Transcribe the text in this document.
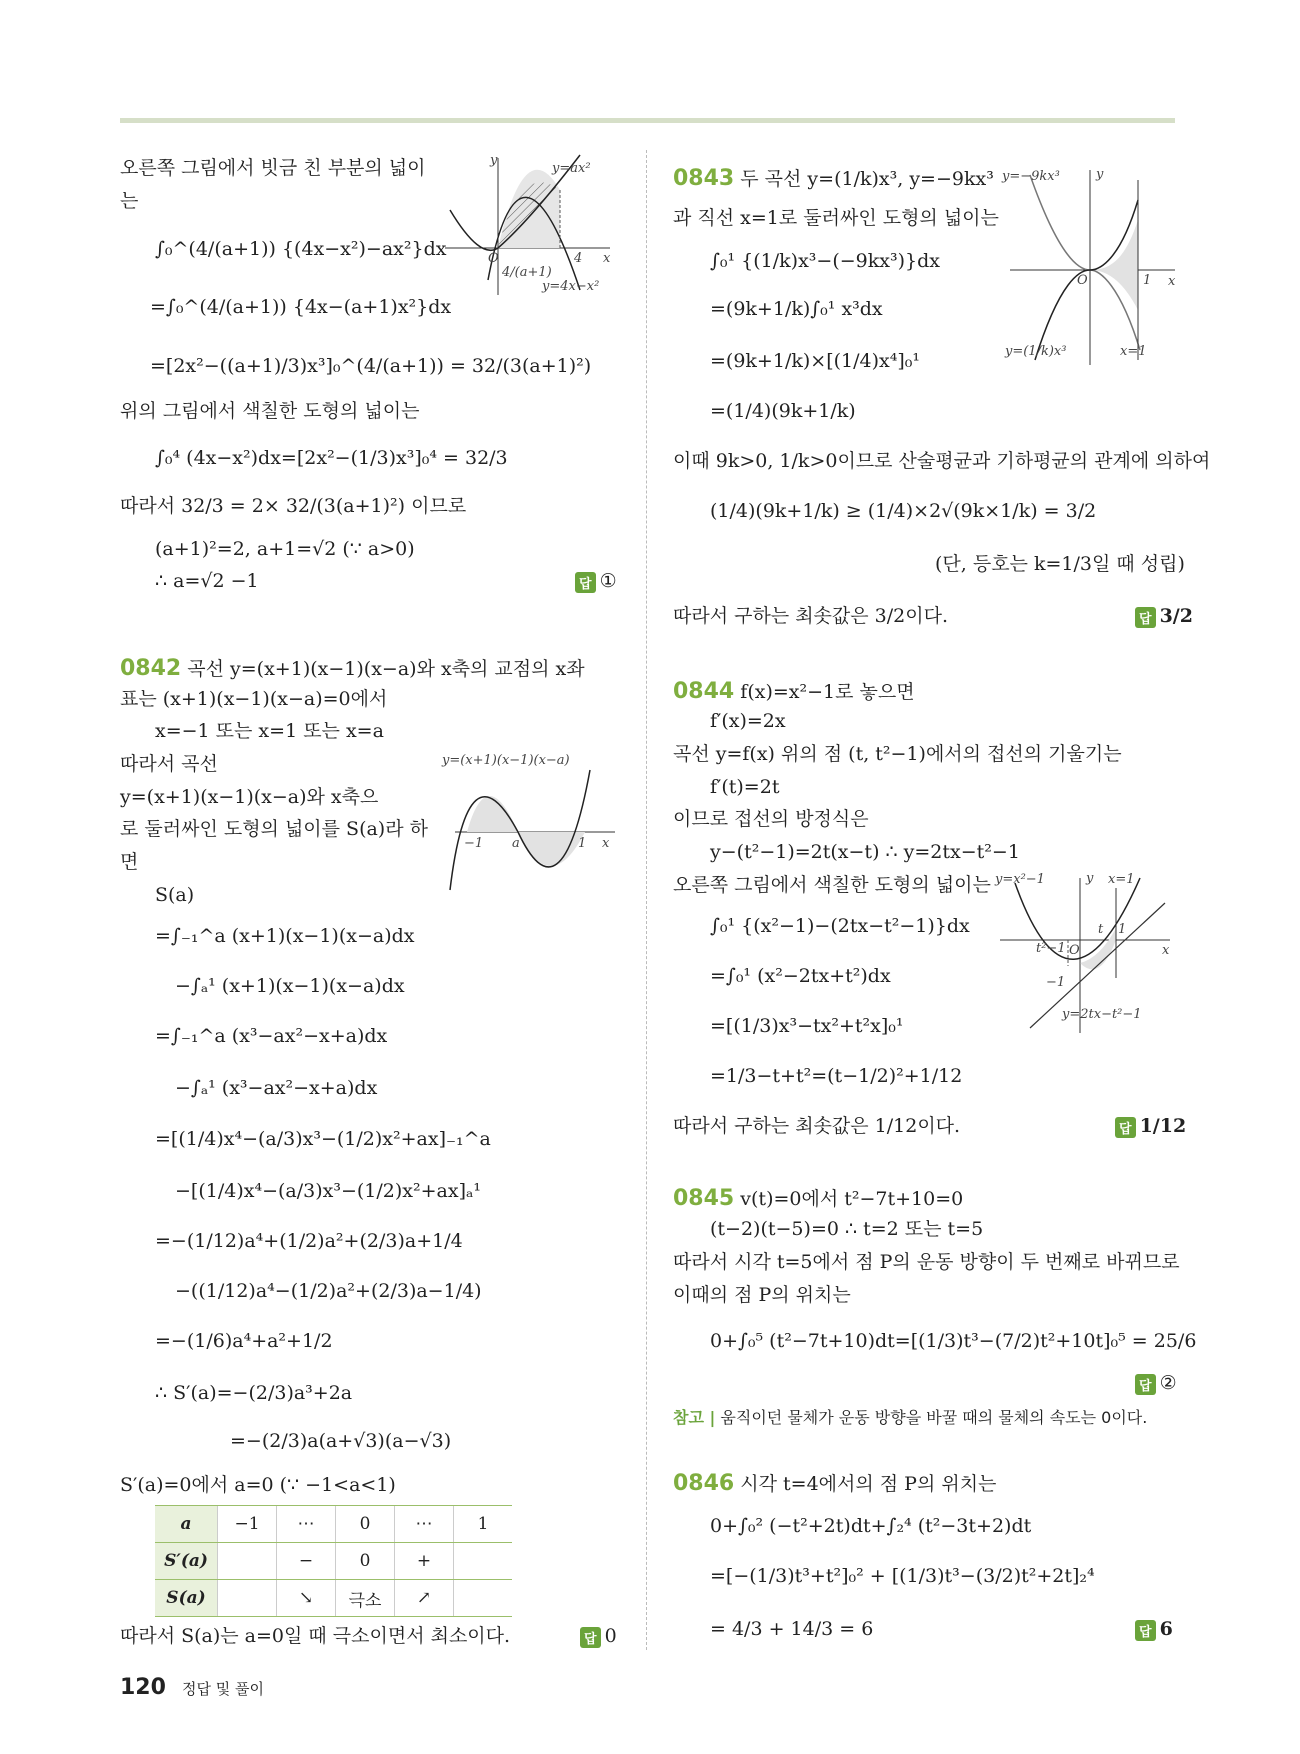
오른쪽 그림에서 빗금 친 부분의 넓이
는
∫₀^(4/(a+1)) {(4x−x²)−ax²}dx
=∫₀^(4/(a+1)) {4x−(a+1)x²}dx
=[2x²−((a+1)/3)x³]₀^(4/(a+1)) = 32/(3(a+1)²)
위의 그림에서 색칠한 도형의 넓이는
∫₀⁴ (4x−x²)dx=[2x²−(1/3)x³]₀⁴ = 32/3
따라서 32/3 = 2× 32/(3(a+1)²) 이므로
(a+1)²=2, a+1=√2 (∵ a>0)
∴ a=√2 −1	답 ①
O
y
x
y=ax²
y=4x−x²
4/(a+1)
4
0842 곡선 y=(x+1)(x−1)(x−a)와 x축의 교점의 x좌
표는 (x+1)(x−1)(x−a)=0에서
x=−1 또는 x=1 또는 x=a
따라서 곡선
y=(x+1)(x−1)(x−a)와 x축으
로 둘러싸인 도형의 넓이를 S(a)라 하
면
S(a)
=∫₋₁^a (x+1)(x−1)(x−a)dx
−∫ₐ¹ (x+1)(x−1)(x−a)dx
=∫₋₁^a (x³−ax²−x+a)dx
−∫ₐ¹ (x³−ax²−x+a)dx
=[(1/4)x⁴−(a/3)x³−(1/2)x²+ax]₋₁^a
−[(1/4)x⁴−(a/3)x³−(1/2)x²+ax]ₐ¹
=−(1/12)a⁴+(1/2)a²+(2/3)a+1/4
−((1/12)a⁴−(1/2)a²+(2/3)a−1/4)
=−(1/6)a⁴+a²+1/2
∴ S′(a)=−(2/3)a³+2a
=−(2/3)a(a+√3)(a−√3)
S′(a)=0에서 a=0 (∵ −1<a<1)
a	−1	⋯	0	⋯	1
S′(a)		−	0	+	
S(a)		↘	극소	↗	
따라서 S(a)는 a=0일 때 극소이면서 최소이다.	답 0
y=(x+1)(x−1)(x−a)
−1 a	1 x
0843 두 곡선 y=(1/k)x³, y=−9kx³
과 직선 x=1로 둘러싸인 도형의 넓이는
∫₀¹ {(1/k)x³−(−9kx³)}dx
=(9k+1/k)∫₀¹ x³dx
=(9k+1/k)×[(1/4)x⁴]₀¹
=(1/4)(9k+1/k)
이때 9k>0, 1/k>0이므로 산술평균과 기하평균의 관계에 의하여
(1/4)(9k+1/k) ≥ (1/4)×2√(9k×1/k) = 3/2
(단, 등호는 k=1/3일 때 성립)
따라서 구하는 최솟값은 3/2이다.	답 3/2
y=−9kx³	y
x
O	1
y=(1/k)x³	x=1
0844 f(x)=x²−1로 놓으면
f′(x)=2x
곡선 y=f(x) 위의 점 (t, t²−1)에서의 접선의 기울기는
f′(t)=2t
이므로 접선의 방정식은
y−(t²−1)=2t(x−t) ∴ y=2tx−t²−1
오른쪽 그림에서 색칠한 도형의 넓이는
∫₀¹ {(x²−1)−(2tx−t²−1)}dx
=∫₀¹ (x²−2tx+t²)dx
=[(1/3)x³−tx²+t²x]₀¹
=1/3−t+t²=(t−1/2)²+1/12
따라서 구하는 최솟값은 1/12이다.	답 1/12
y=x²−1	y x=1
x
t 1
t²−1 O
−1
y=2tx−t²−1
0845 v(t)=0에서 t²−7t+10=0
(t−2)(t−5)=0 ∴ t=2 또는 t=5
따라서 시각 t=5에서 점 P의 운동 방향이 두 번째로 바뀌므로
이때의 점 P의 위치는
0+∫₀⁵ (t²−7t+10)dt=[(1/3)t³−(7/2)t²+10t]₀⁵ = 25/6
답 ②
참고 | 움직이던 물체가 운동 방향을 바꿀 때의 물체의 속도는 0이다.
0846 시각 t=4에서의 점 P의 위치는
0+∫₀² (−t²+2t)dt+∫₂⁴ (t²−3t+2)dt
=[−(1/3)t³+t²]₀² + [(1/3)t³−(3/2)t²+2t]₂⁴
= 4/3 + 14/3 = 6	답 6
120 정답 및 풀이
